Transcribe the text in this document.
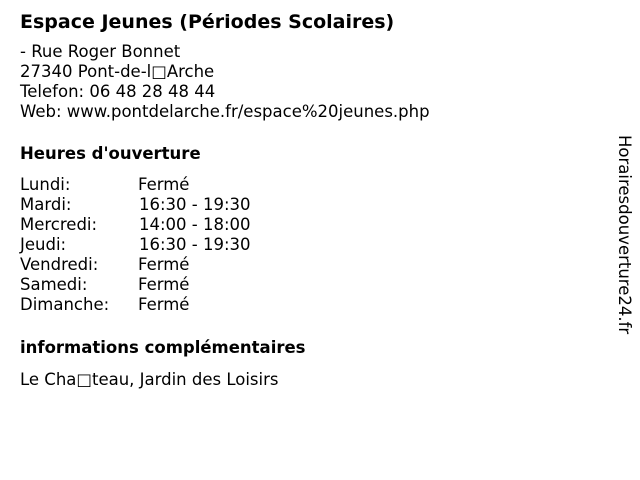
Espace Jeunes (Périodes Scolaires)
- Rue Roger Bonnet
27340 Pont-de-l□Arche
Telefon: 06 48 28 48 44
Web: www.pontdelarche.fr/espace%20jeunes.php
Heures d'ouverture
Lundi:	Fermé
Mardi:	16:30 - 19:30
Mercredi:	14:00 - 18:00
Jeudi:	16:30 - 19:30
Vendredi:	Fermé
Samedi:	Fermé
Dimanche:	Fermé
informations complémentaires
Le Cha□teau, Jardin des Loisirs
Horairesdouverture24.fr
